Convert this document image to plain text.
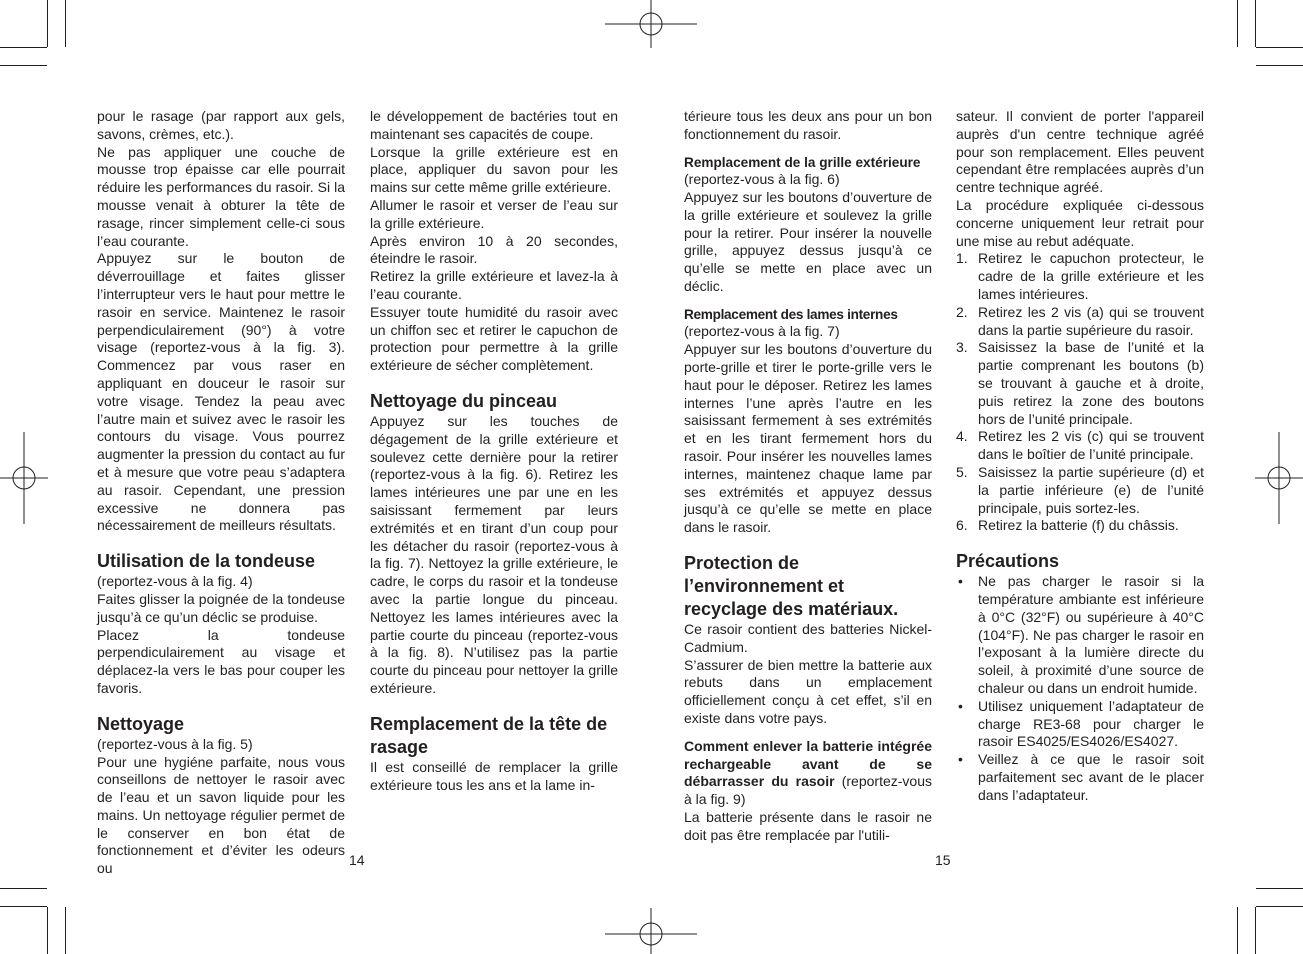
pour le rasage (par rapport aux gels, savons, crèmes, etc.).

Ne pas appliquer une couche de mousse trop épaisse car elle pourrait réduire les performances du rasoir. Si la mousse venait à obturer la tête de rasage, rincer simplement celle-ci sous l’eau courante.

Appuyez sur le bouton de déverrouillage et faites glisser l’interrupteur vers le haut pour mettre le rasoir en service. Maintenez le rasoir perpendiculairement (90°) à votre visage (reportez-vous à la fig. 3). Commencez par vous raser en appliquant en douceur le rasoir sur votre visage. Tendez la peau avec l’autre main et suivez avec le rasoir les contours du visage. Vous pourrez augmenter la pression du contact au fur et à mesure que votre peau s’adaptera au rasoir. Cependant, une pression excessive ne donnera pas nécessairement de meilleurs résultats.

Utilisation de la tondeuse

(reportez-vous à la fig. 4)

Faites glisser la poignée de la tondeuse jusqu’à ce qu’un déclic se produise.

Placez la tondeuse perpendiculairement au visage et déplacez-la vers le bas pour couper les favoris.

Nettoyage

(reportez-vous à la fig. 5)

Pour une hygiéne parfaite, nous vous conseillons de nettoyer le rasoir avec de l’eau et un savon liquide pour les mains. Un nettoyage régulier permet de le conserver en bon état de fonctionnement et d’éviter les odeurs ou

le développement de bactéries tout en maintenant ses capacités de coupe.

Lorsque la grille extérieure est en place, appliquer du savon pour les mains sur cette même grille extérieure.

Allumer le rasoir et verser de l’eau sur la grille extérieure.

Après environ 10 à 20 secondes, éteindre le rasoir.

Retirez la grille extérieure et lavez-la à l’eau courante.

Essuyer toute humidité du rasoir avec un chiffon sec et retirer le capuchon de protection pour permettre à la grille extérieure de sécher complètement.

Nettoyage du pinceau

Appuyez sur les touches de dégagement de la grille extérieure et soulevez cette dernière pour la retirer (reportez-vous à la fig. 6). Retirez les lames intérieures une par une en les saisissant fermement par leurs extrémités et en tirant d’un coup pour les détacher du rasoir (reportez-vous à la fig. 7). Nettoyez la grille extérieure, le cadre, le corps du rasoir et la tondeuse avec la partie longue du pinceau. Nettoyez les lames intérieures avec la partie courte du pinceau (reportez-vous à la fig. 8). N’utilisez pas la partie courte du pinceau pour nettoyer la grille extérieure.

Remplacement de la tête de rasage

Il est conseillé de remplacer la grille extérieure tous les ans et la lame in-

14

térieure tous les deux ans pour un bon fonctionnement du rasoir.

Remplacement de la grille extérieure

(reportez-vous à la fig. 6)

Appuyez sur les boutons d’ouverture de la grille extérieure et soulevez la grille pour la retirer. Pour insérer la nouvelle grille, appuyez dessus jusqu’à ce qu’elle se mette en place avec un déclic.

Remplacement des lames internes

(reportez-vous à la fig. 7)

Appuyer sur les boutons d’ouverture du porte-grille et tirer le porte-grille vers le haut pour le déposer. Retirez les lames internes l’une après l’autre en les saisissant fermement à ses extrémités et en les tirant fermement hors du rasoir. Pour insérer les nouvelles lames internes, maintenez chaque lame par ses extrémités et appuyez dessus jusqu’à ce qu’elle se mette en place dans le rasoir.

Protection de l’environnement et recyclage des matériaux.

Ce rasoir contient des batteries Nickel-Cadmium.

S’assurer de bien mettre la batterie aux rebuts dans un emplacement officiellement conçu à cet effet, s’il en existe dans votre pays.

Comment enlever la batterie intégrée rechargeable avant de se débarrasser du rasoir (reportez-vous à la fig. 9)

La batterie présente dans le rasoir ne doit pas être remplacée par l'utili-

sateur. Il convient de porter l'appareil auprès d'un centre technique agréé pour son remplacement. Elles peuvent cependant être remplacées auprès d’un centre technique agréé.

La procédure expliquée ci-dessous concerne uniquement leur retrait pour une mise au rebut adéquate.

1. Retirez le capuchon protecteur, le cadre de la grille extérieure et les lames intérieures.
2. Retirez les 2 vis (a) qui se trouvent dans la partie supérieure du rasoir.
3. Saisissez la base de l’unité et la partie comprenant les boutons (b) se trouvant à gauche et à droite, puis retirez la zone des boutons hors de l’unité principale.
4. Retirez les 2 vis (c) qui se trouvent dans le boîtier de l’unité principale.
5. Saisissez la partie supérieure (d) et la partie inférieure (e) de l’unité principale, puis sortez-les.
6. Retirez la batterie (f) du châssis.
Précautions
•	Ne pas charger le rasoir si la température ambiante est inférieure à 0°C (32°F) ou supérieure à 40°C (104°F). Ne pas charger le rasoir en l’exposant à la lumière directe du soleil, à proximité d’une source de chaleur ou dans un endroit humide.
•	Utilisez uniquement l’adaptateur de charge RE3-68 pour charger le rasoir ES4025/ES4026/ES4027.
•	Veillez à ce que le rasoir soit parfaitement sec avant de le placer dans l’adaptateur.
15
